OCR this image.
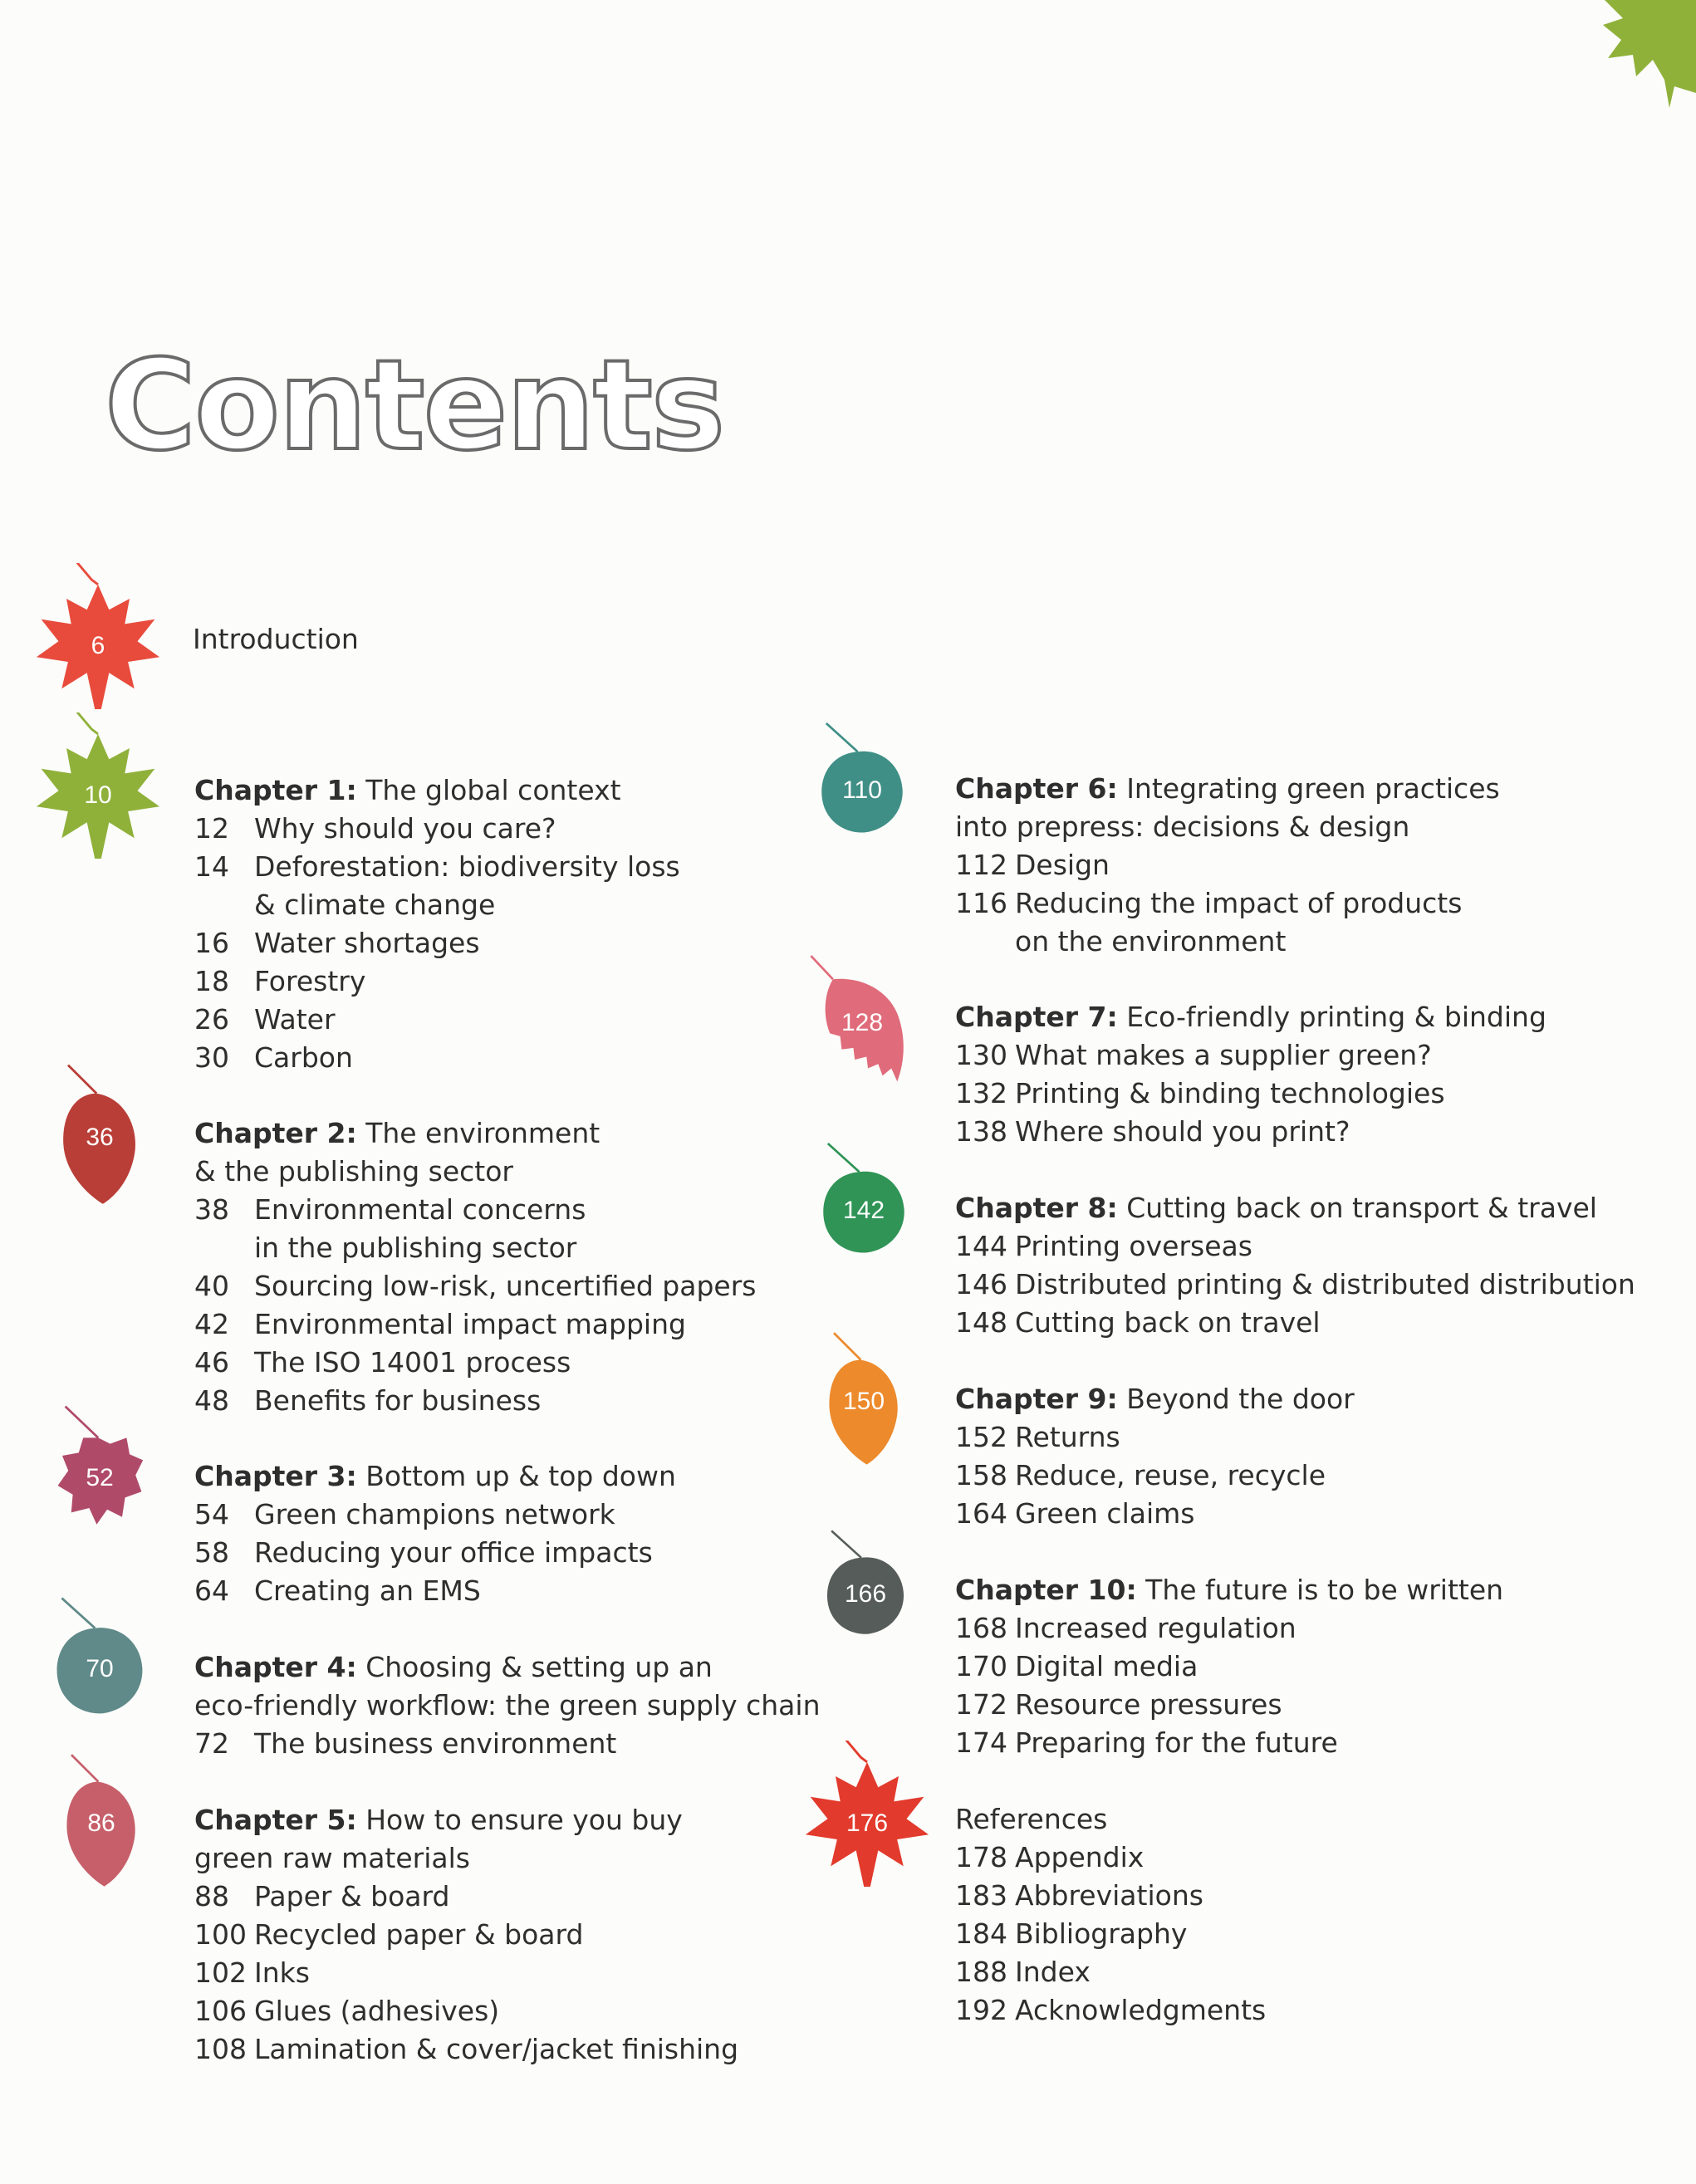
Contents
6	Introduction
10	Chapter 1: The global context
12 Why should you care?
14 Deforestation: biodiversity loss
& climate change
16 Water shortages
18 Forestry
26 Water
30 Carbon
36	Chapter 2: The environment
& the publishing sector
38 Environmental concerns
in the publishing sector
40 Sourcing low-risk, uncertified papers
42 Environmental impact mapping
46 The ISO 14001 process
48 Benefits for business
52	Chapter 3: Bottom up & top down
54 Green champions network
58 Reducing your office impacts
64 Creating an EMS
70	Chapter 4: Choosing & setting up an
eco-friendly workflow: the green supply chain
72 The business environment
86	Chapter 5: How to ensure you buy
green raw materials
88 Paper & board
100 Recycled paper & board
102 Inks
106 Glues (adhesives)
108 Lamination & cover/jacket finishing
110	Chapter 6: Integrating green practices
into prepress: decisions & design
112 Design
116 Reducing the impact of products
on the environment
128	Chapter 7: Eco-friendly printing & binding
130 What makes a supplier green?
132 Printing & binding technologies
138 Where should you print?
142	Chapter 8: Cutting back on transport & travel
144 Printing overseas
146 Distributed printing & distributed distribution
148 Cutting back on travel
150	Chapter 9: Beyond the door
152 Returns
158 Reduce, reuse, recycle
164 Green claims
166	Chapter 10: The future is to be written
168 Increased regulation
170 Digital media
172 Resource pressures
174 Preparing for the future
176	References
178 Appendix
183 Abbreviations
184 Bibliography
188 Index
192 Acknowledgments
